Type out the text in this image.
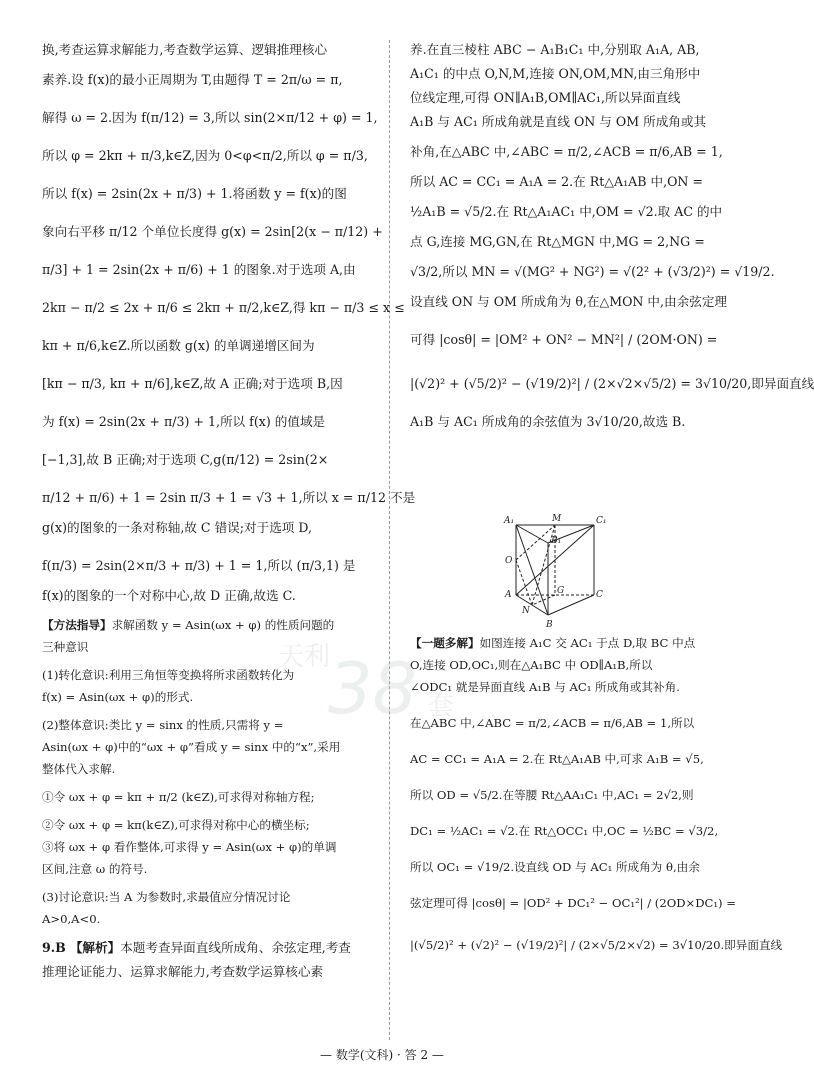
换,考查运算求解能力,考查数学运算、逻辑推理核心

素养.设 f(x)的最小正周期为 T,由题得 T = 2π/ω = π,

解得 ω = 2.因为 f(π/12) = 3,所以 sin(2×π/12 + φ) = 1,

所以 φ = 2kπ + π/3,k∈Z,因为 0<φ<π/2,所以 φ = π/3,

所以 f(x) = 2sin(2x + π/3) + 1.将函数 y = f(x)的图

象向右平移 π/12 个单位长度得 g(x) = 2sin[2(x − π/12) +

π/3] + 1 = 2sin(2x + π/6) + 1 的图象.对于选项 A,由

2kπ − π/2 ≤ 2x + π/6 ≤ 2kπ + π/2,k∈Z,得 kπ − π/3 ≤ x ≤

kπ + π/6,k∈Z.所以函数 g(x) 的单调递增区间为

[kπ − π/3, kπ + π/6],k∈Z,故 A 正确;对于选项 B,因

为 f(x) = 2sin(2x + π/3) + 1,所以 f(x) 的值域是

[−1,3],故 B 正确;对于选项 C,g(π/12) = 2sin(2×

π/12 + π/6) + 1 = 2sin π/3 + 1 = √3 + 1,所以 x = π/12 不是

g(x)的图象的一条对称轴,故 C 错误;对于选项 D,

f(π/3) = 2sin(2×π/3 + π/3) + 1 = 1,所以 (π/3,1) 是

f(x)的图象的一个对称中心,故 D 正确,故选 C.

【方法指导】求解函数 y = Asin(ωx + φ) 的性质问题的

三种意识

(1)转化意识:利用三角恒等变换将所求函数转化为

f(x) = Asin(ωx + φ)的形式.

(2)整体意识:类比 y = sinx 的性质,只需将 y =

Asin(ωx + φ)中的“ωx + φ”看成 y = sinx 中的“x”,采用

整体代入求解.

①令 ωx + φ = kπ + π/2 (k∈Z),可求得对称轴方程;

②令 ωx + φ = kπ(k∈Z),可求得对称中心的横坐标;

③将 ωx + φ 看作整体,可求得 y = Asin(ωx + φ)的单调

区间,注意 ω 的符号.

(3)讨论意识:当 A 为参数时,求最值应分情况讨论

A>0,A<0.

9.B 【解析】本题考查异面直线所成角、余弦定理,考查

推理论证能力、运算求解能力,考查数学运算核心素

养.在直三棱柱 ABC − A₁B₁C₁ 中,分别取 A₁A, AB,

A₁C₁ 的中点 O,N,M,连接 ON,OM,MN,由三角形中

位线定理,可得 ON∥A₁B,OM∥AC₁,所以异面直线

A₁B 与 AC₁ 所成角就是直线 ON 与 OM 所成角或其

补角,在△ABC 中,∠ABC = π/2,∠ACB = π/6,AB = 1,

所以 AC = CC₁ = A₁A = 2.在 Rt△A₁AB 中,ON =

½A₁B = √5/2.在 Rt△A₁AC₁ 中,OM = √2.取 AC 的中

点 G,连接 MG,GN,在 Rt△MGN 中,MG = 2,NG =

√3/2,所以 MN = √(MG² + NG²) = √(2² + (√3/2)²) = √19/2.

设直线 ON 与 OM 所成角为 θ,在△MON 中,由余弦定理

可得 |cosθ| = |OM² + ON² − MN²| / (2OM·ON) =

|(√2)² + (√5/2)² − (√19/2)²| / (2×√2×√5/2) = 3√10/20,即异面直线

A₁B 与 AC₁ 所成角的余弦值为 3√10/20,故选 B.

A₁	M	C₁
B₁
O
G
A
N
C
B

【一题多解】如图连接 A₁C 交 AC₁ 于点 D,取 BC 中点

O,连接 OD,OC₁,则在△A₁BC 中 OD∥A₁B,所以

∠ODC₁ 就是异面直线 A₁B 与 AC₁ 所成角或其补角.

在△ABC 中,∠ABC = π/2,∠ACB = π/6,AB = 1,所以

AC = CC₁ = A₁A = 2.在 Rt△A₁AB 中,可求 A₁B = √5,

所以 OD = √5/2.在等腰 Rt△AA₁C₁ 中,AC₁ = 2√2,则

DC₁ = ½AC₁ = √2.在 Rt△OCC₁ 中,OC = ½BC = √3/2,

所以 OC₁ = √19/2.设直线 OD 与 AC₁ 所成角为 θ,由余

弦定理可得 |cosθ| = |OD² + DC₁² − OC₁²| / (2OD×DC₁) =

|(√5/2)² + (√2)² − (√19/2)²| / (2×√5/2×√2) = 3√10/20.即异面直线

天利
38 套
— 数学(文科) · 答 2 —
